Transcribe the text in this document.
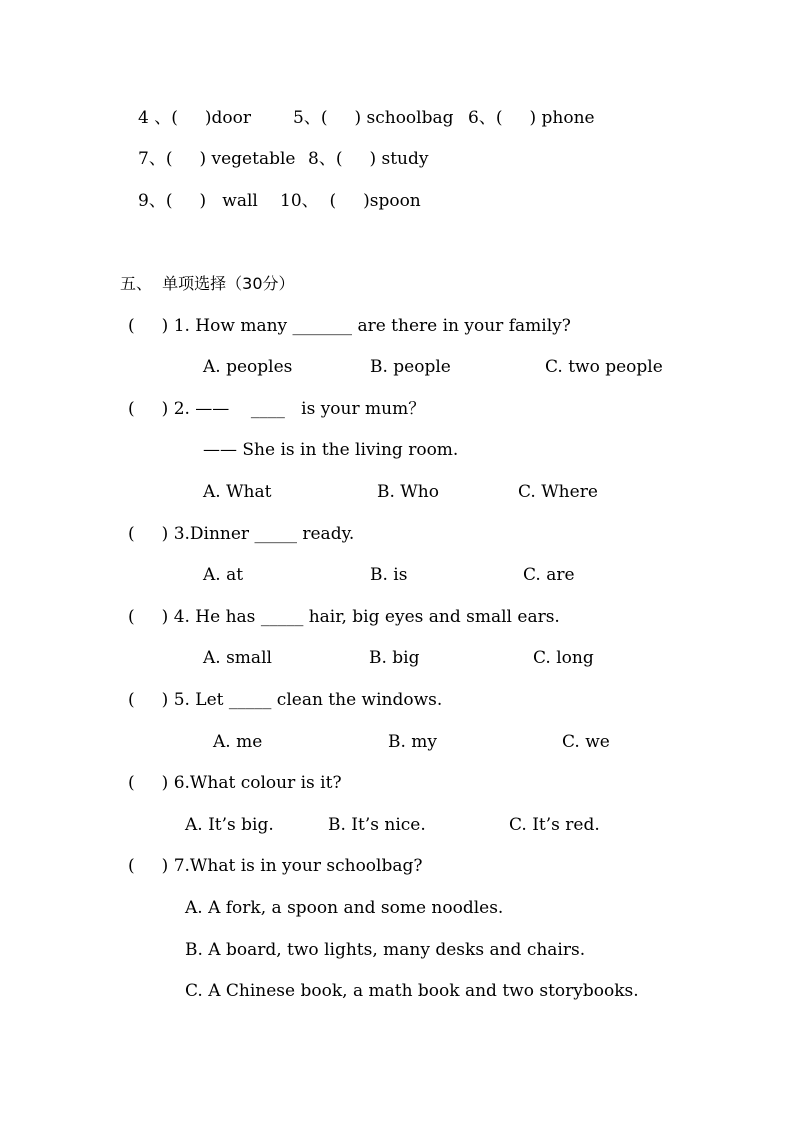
4 、(     )door 5、(     ) schoolbag 6、(     ) phone
7、(     ) vegetable 8、(     ) study
9、(     )   wall 10、  (     )spoon
五、  单项选择（30分）
(     ) 1. How many _______ are there in your family?
A. peoples	B. people	C. two people
(     ) 2. ——    ____   is your mum？
—— She is in the living room.
A. What	B. Who	C. Where
(     ) 3.Dinner _____ ready.
A. at	B. is	C. are
(     ) 4. He has _____ hair, big eyes and small ears.
A. small	B. big	C. long
(     ) 5. Let _____ clean the windows.
A. me	B. my	C. we
(     ) 6.What colour is it?
A. It’s big.	B. It’s nice.	C. It’s red.
(     ) 7.What is in your schoolbag?
A. A fork, a spoon and some noodles.
B. A board, two lights, many desks and chairs.
C. A Chinese book, a math book and two storybooks.
